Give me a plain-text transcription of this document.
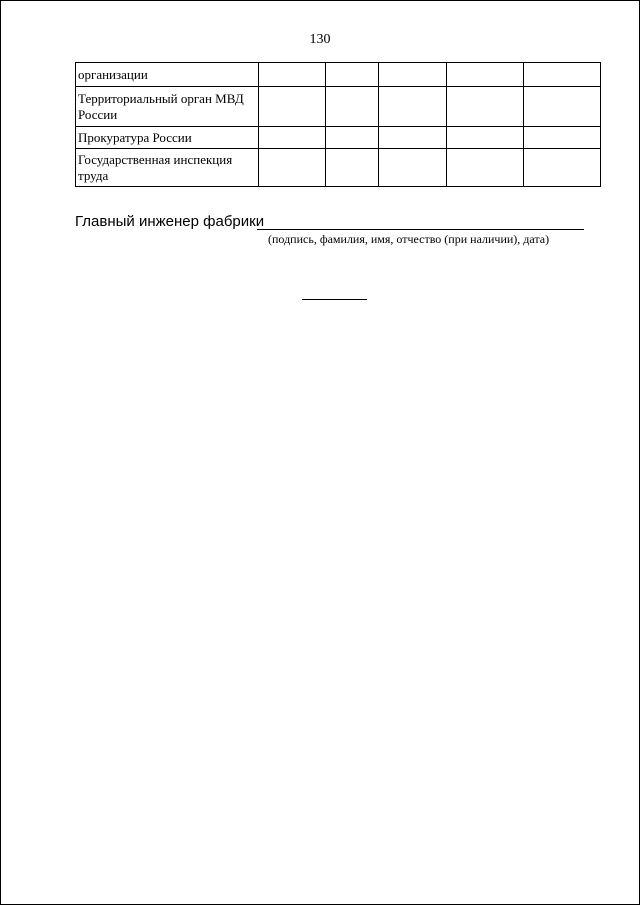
130
организации					
Территориальный орган МВД России					
Прокуратура России					
Государственная инспекция труда					
Главный инженер фабрики
(подпись, фамилия, имя, отчество (при наличии), дата)
